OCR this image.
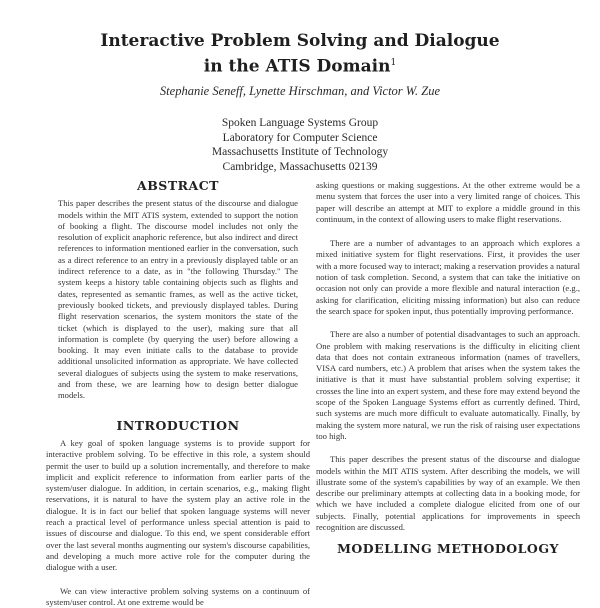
Interactive Problem Solving and Dialogue
in the ATIS Domain$^1$
Stephanie Seneff, Lynette Hirschman, and Victor W. Zue
Spoken Language Systems Group
Laboratory for Computer Science
Massachusetts Institute of Technology
Cambridge, Massachusetts 02139
ABSTRACT

This paper describes the present status of the discourse and dialogue models within the MIT ATIS system, extended to support the notion of booking a flight. The discourse model includes not only the resolution of explicit anaphoric reference, but also indirect and direct references to information mentioned earlier in the conversation, such as a direct reference to an entry in a previously displayed table or an indirect reference to a date, as in "the following Thursday." The system keeps a history table containing objects such as flights and dates, represented as semantic frames, as well as the active ticket, previously booked tickets, and previously displayed tables. During flight reservation scenarios, the system monitors the state of the ticket (which is displayed to the user), making sure that all information is complete (by querying the user) before allowing a booking. It may even initiate calls to the database to provide additional unsolicited information as appropriate. We have collected several dialogues of subjects using the system to make reservations, and from these, we are learning how to design better dialogue models.

INTRODUCTION

A key goal of spoken language systems is to provide support for interactive problem solving. To be effective in this role, a system should permit the user to build up a solution incrementally, and therefore to make implicit and explicit reference to information from earlier parts of the system/user dialogue. In addition, in certain scenarios, e.g., making flight reservations, it is natural to have the system play an active role in the dialogue. It is in fact our belief that spoken language systems will never reach a practical level of performance unless special attention is paid to issues of discourse and dialogue. To this end, we spent considerable effort over the last several months augmenting our system's discourse capabilities, and developing a much more active role for the computer during the dialogue with a user.

We can view interactive problem solving systems on a continuum of system/user control. At one extreme would be

asking questions or making suggestions. At the other extreme would be a menu system that forces the user into a very limited range of choices. This paper will describe an attempt at MIT to explore a middle ground in this continuum, in the context of allowing users to make flight reservations.

There are a number of advantages to an approach which explores a mixed initiative system for flight reservations. First, it provides the user with a more focused way to interact; making a reservation provides a natural notion of task completion. Second, a system that can take the initiative on occasion not only can provide a more flexible and natural interaction (e.g., asking for clarification, eliciting missing information) but also can reduce the search space for spoken input, thus potentially improving performance.

There are also a number of potential disadvantages to such an approach. One problem with making reservations is the difficulty in eliciting client data that does not contain extraneous information (names of travellers, VISA card numbers, etc.) A problem that arises when the system takes the initiative is that it must have substantial problem solving expertise; it crosses the line into an expert system, and these fore may extend beyond the scope of the Spoken Language Systems effort as currently defined. Third, such systems are much more difficult to evaluate automatically. Finally, by making the system more natural, we run the risk of raising user expectations too high.

This paper describes the present status of the discourse and dialogue models within the MIT ATIS system. After describing the models, we will illustrate some of the system's capabilities by way of an example. We then describe our preliminary attempts at collecting data in a booking mode, for which we have included a complete dialogue elicited from one of our subjects. Finally, potential applications for improvements in speech recognition are discussed.

MODELLING METHODOLOGY
